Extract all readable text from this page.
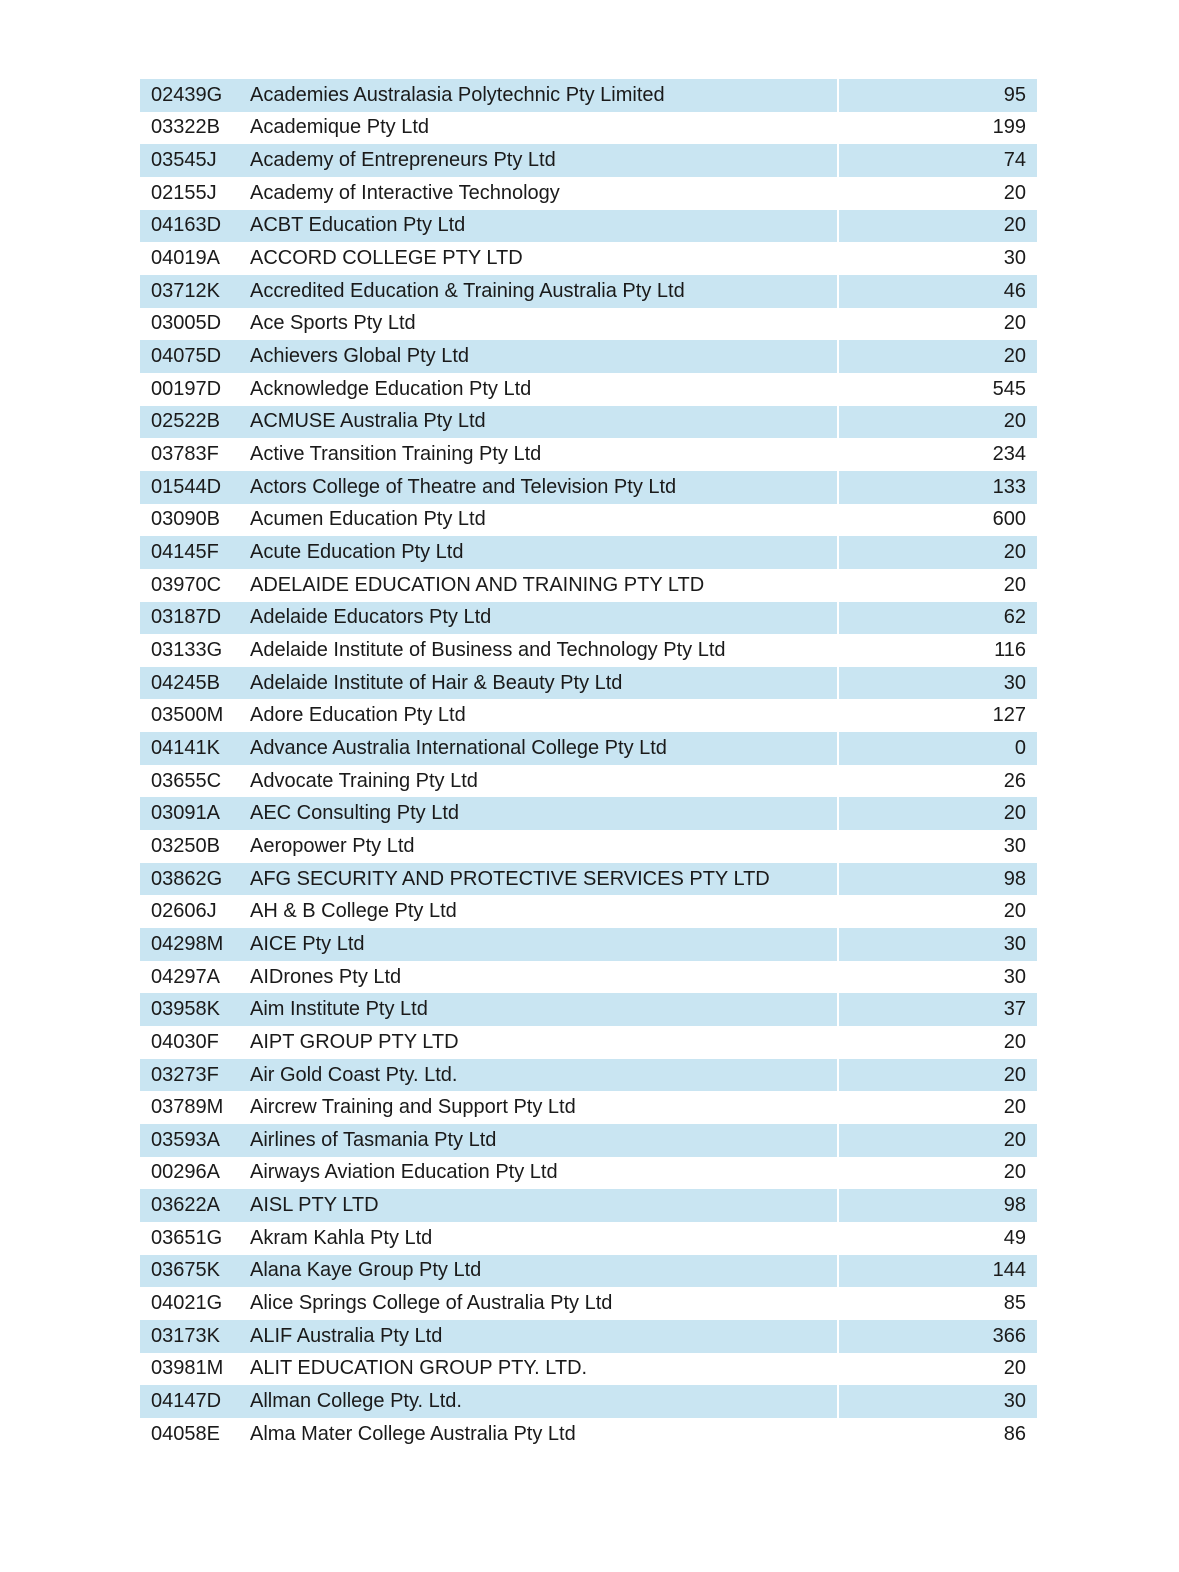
02439G	Academies Australasia Polytechnic Pty Limited	95
03322B	Academique Pty Ltd	199
03545J	Academy of Entrepreneurs Pty Ltd	74
02155J	Academy of Interactive Technology	20
04163D	ACBT Education Pty Ltd	20
04019A	ACCORD COLLEGE PTY LTD	30
03712K	Accredited Education & Training Australia Pty Ltd	46
03005D	Ace Sports Pty Ltd	20
04075D	Achievers Global Pty Ltd	20
00197D	Acknowledge Education Pty Ltd	545
02522B	ACMUSE Australia Pty Ltd	20
03783F	Active Transition Training Pty Ltd	234
01544D	Actors College of Theatre and Television Pty Ltd	133
03090B	Acumen Education Pty Ltd	600
04145F	Acute Education Pty Ltd	20
03970C	ADELAIDE EDUCATION AND TRAINING PTY LTD	20
03187D	Adelaide Educators Pty Ltd	62
03133G	Adelaide Institute of Business and Technology Pty Ltd	116
04245B	Adelaide Institute of Hair & Beauty Pty Ltd	30
03500M	Adore Education Pty Ltd	127
04141K	Advance Australia International College Pty Ltd	0
03655C	Advocate Training Pty Ltd	26
03091A	AEC Consulting Pty Ltd	20
03250B	Aeropower Pty Ltd	30
03862G	AFG SECURITY AND PROTECTIVE SERVICES PTY LTD	98
02606J	AH & B College Pty Ltd	20
04298M	AICE Pty Ltd	30
04297A	AIDrones Pty Ltd	30
03958K	Aim Institute Pty Ltd	37
04030F	AIPT GROUP PTY LTD	20
03273F	Air Gold Coast Pty. Ltd.	20
03789M	Aircrew Training and Support Pty Ltd	20
03593A	Airlines of Tasmania Pty Ltd	20
00296A	Airways Aviation Education Pty Ltd	20
03622A	AISL PTY LTD	98
03651G	Akram Kahla Pty Ltd	49
03675K	Alana Kaye Group Pty Ltd	144
04021G	Alice Springs College of Australia Pty Ltd	85
03173K	ALIF Australia Pty Ltd	366
03981M	ALIT EDUCATION GROUP PTY. LTD.	20
04147D	Allman College Pty. Ltd.	30
04058E	Alma Mater College Australia Pty Ltd	86
